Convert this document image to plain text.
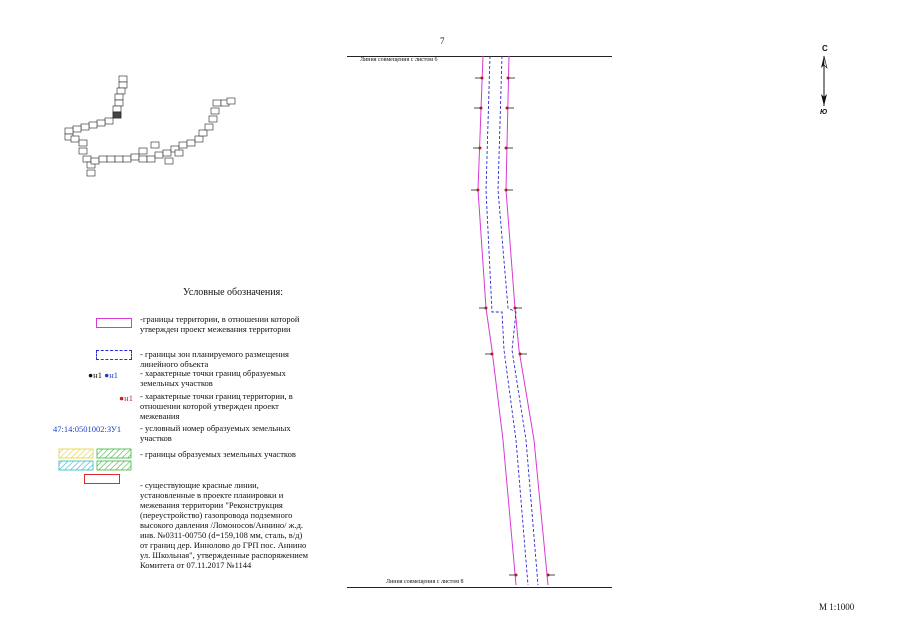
7
Линия совмещения с листом 6
Линия совмещения с листом 8
С
Ю
Условные обозначения:
-границы территории, в отношении которой утвержден проект межевания территории
- границы зон планируемого размещения линейного объекта
●н1 ●н1	- характерные точки границ образуемых земельных участков
●н1 - характерные точки границ территории, в отношении которой утвержден проект межевания
47:14:0501002:ЗУ1 - условный номер образуемых земельных участков
- границы образуемых земельных участков
- существующие красные линии, установленные в проекте планировки и межевания территории "Реконструкция (переустройство) газопровода подземного высокого давления /Ломоносов/Аннино/ ж.д. инв. №0311-00750 (d=159,108 мм, сталь, в/д) от границ дер. Иннолово до ГРП пос. Аннино ул. Школьная", утвержденные распоряжением Комитета от 07.11.2017 №1144
М 1:1000
